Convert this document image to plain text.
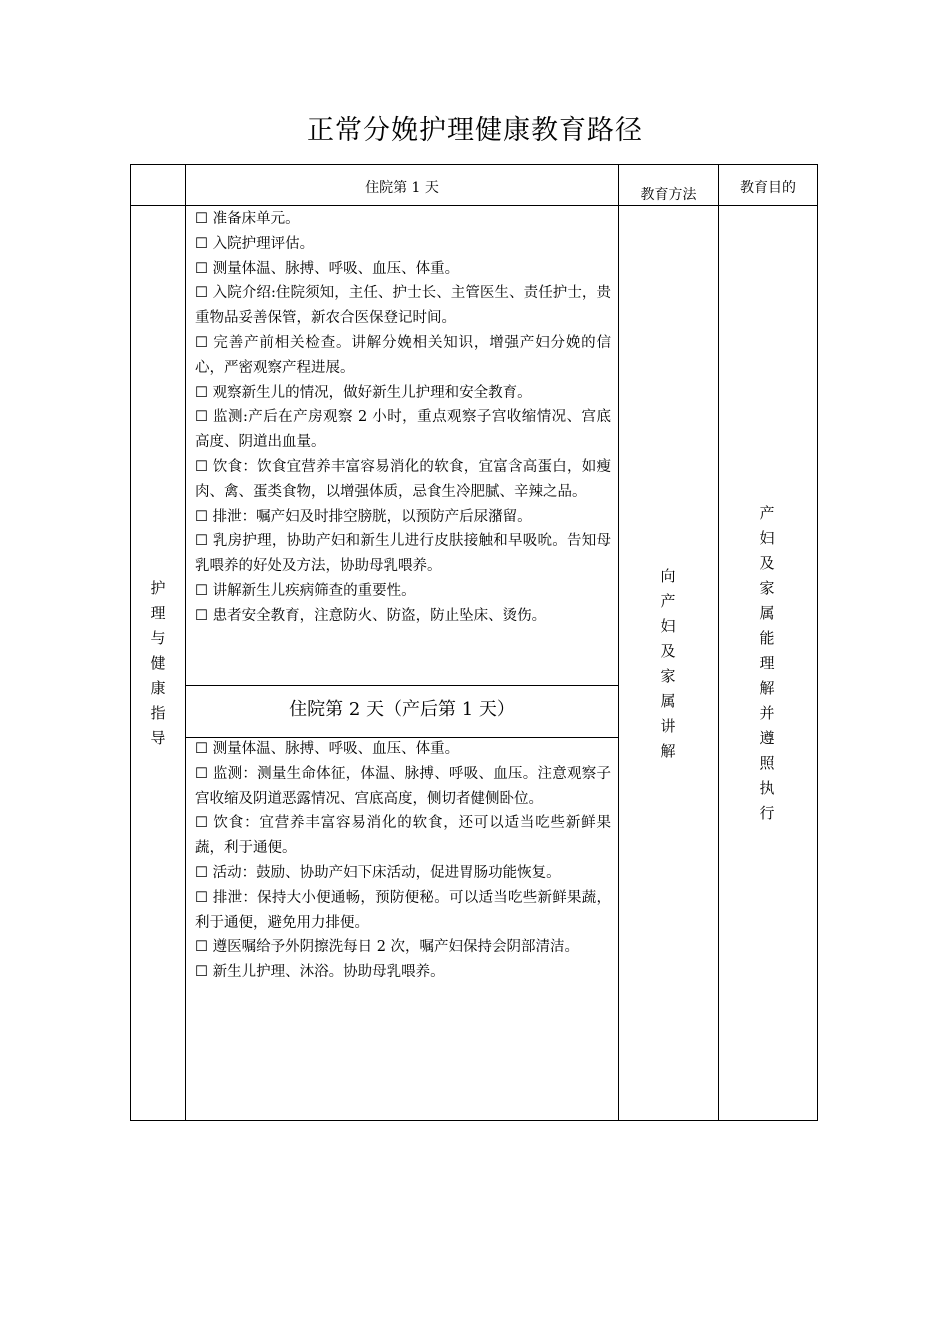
正常分娩护理健康教育路径
住院第 1 天	教育方法	教育目的
护
理
与
健
康
指
导
向
产
妇
及
家
属
讲
解
产
妇
及
家
属
能
理
解
并
遵
照
执
行

☐ 准备床单元。

☐ 入院护理评估。

☐ 测量体温、脉搏、呼吸、血压、体重。

☐ 入院介绍:住院须知，主任、护士长、主管医生、责任护士，贵重物品妥善保管，新农合医保登记时间。

☐ 完善产前相关检查。讲解分娩相关知识，增强产妇分娩的信心，严密观察产程进展。

☐ 观察新生儿的情况，做好新生儿护理和安全教育。

☐ 监测:产后在产房观察 2 小时，重点观察子宫收缩情况、宫底高度、阴道出血量。

☐ 饮食：饮食宜营养丰富容易消化的软食，宜富含高蛋白，如瘦肉、禽、蛋类食物，以增强体质，忌食生冷肥腻、辛辣之品。

☐ 排泄：嘱产妇及时排空膀胱，以预防产后尿潴留。

☐ 乳房护理，协助产妇和新生儿进行皮肤接触和早吸吮。告知母乳喂养的好处及方法，协助母乳喂养。

☐ 讲解新生儿疾病筛查的重要性。

☐ 患者安全教育，注意防火、防盗，防止坠床、烫伤。

住院第 2 天（产后第 1 天）

☐ 测量体温、脉搏、呼吸、血压、体重。

☐ 监测：测量生命体征，体温、脉搏、呼吸、血压。注意观察子宫收缩及阴道恶露情况、宫底高度，侧切者健侧卧位。

☐ 饮食：宜营养丰富容易消化的软食，还可以适当吃些新鲜果蔬，利于通便。

☐ 活动：鼓励、协助产妇下床活动，促进胃肠功能恢复。

☐ 排泄：保持大小便通畅，预防便秘。可以适当吃些新鲜果蔬，利于通便，避免用力排便。

☐ 遵医嘱给予外阴擦洗每日 2 次，嘱产妇保持会阴部清洁。

☐ 新生儿护理、沐浴。协助母乳喂养。
